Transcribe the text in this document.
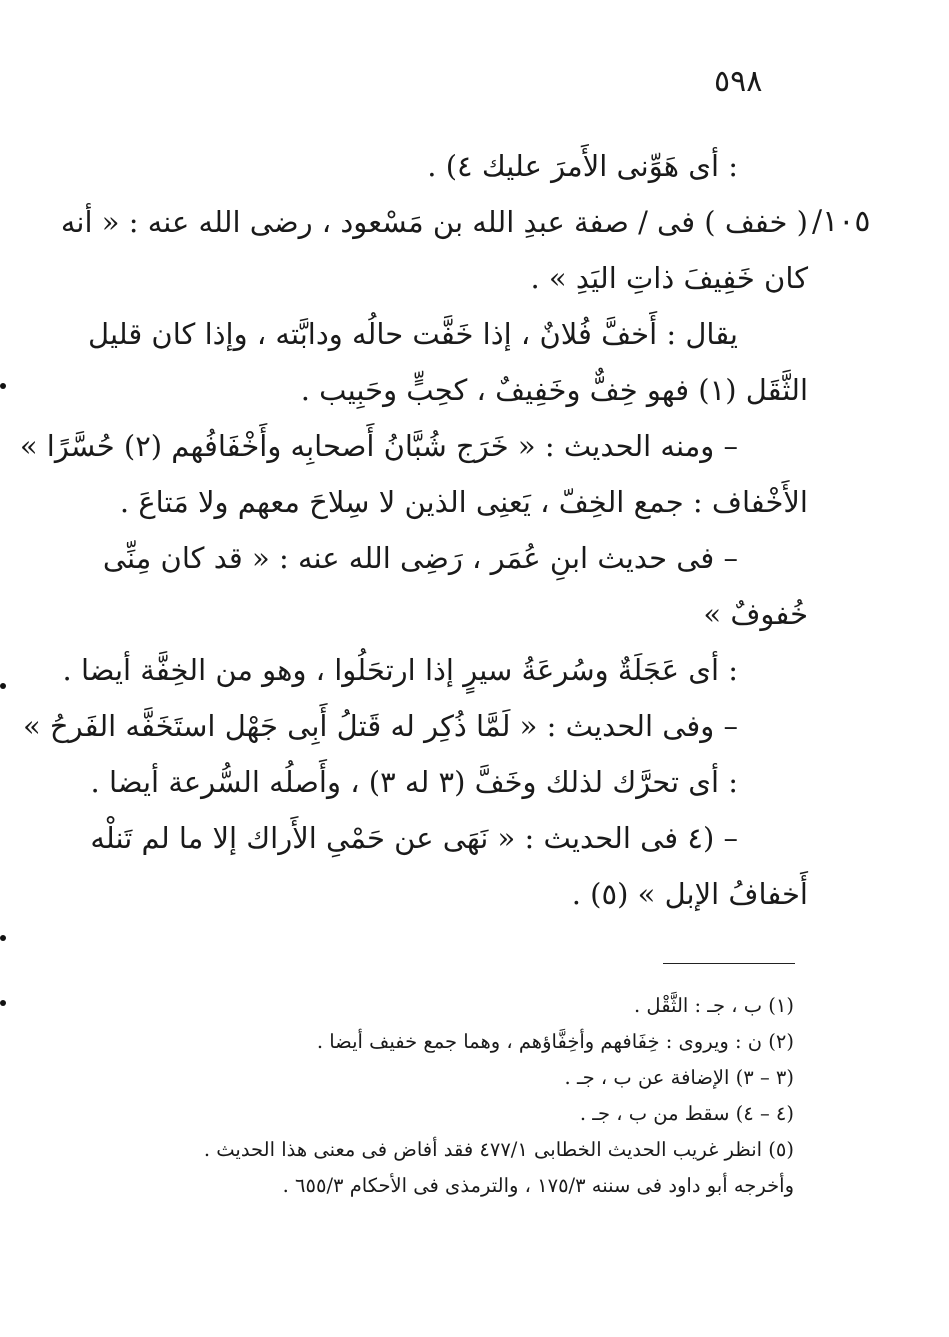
٥٩٨
١٠٥/
: أى هَوِّنى الأَمرَ عليك ٤) .
( خفف ) فى / صفة عبدِ الله بن مَسْعود ، رضى الله عنه : « أنه
كان خَفِيفَ ذاتِ اليَدِ » .
يقال : أَخفَّ فُلانٌ ، إذا خَفَّت حالُه ودابَّته ، وإذا كان قليل
الثَّقَل (١) فهو خِفٌّ وخَفِيفٌ ، كحِبٍّ وحَبِيب .
– ومنه الحديث : « خَرَج شُبَّانُ أَصحابِه وأَخْفَافُهم (٢) حُسَّرًا »
الأَخْفاف : جمع الخِفّ ، يَعنِى الذين لا سِلاحَ معهم ولا مَتاعَ .
– فى حديث ابنِ عُمَر ، رَضِى الله عنه : « قد كان مِنِّى
خُفوفٌ »
: أى عَجَلَةٌ وسُرعَةُ سيرٍ إذا ارتحَلُوا ، وهو من الخِفَّة أيضا .
– وفى الحديث : « لَمَّا ذُكِر له قَتلُ أَبِى جَهْل استَخَفَّه الفَرحُ »
: أى تحرَّك لذلك وخَفَّ (٣ له ٣) ، وأَصلُه السُّرعة أيضا .
– (٤ فى الحديث : « نَهَى عن حَمْىِ الأَراك إلا ما لم تَنلْه
أَخفافُ الإبل » (٥) .
(١) ب ، جـ : الثَّقْل .
(٢) ن : ويروى : خِفَافهم وأخِفَّاؤهم ، وهما جمع خفيف أيضا .
(٣ – ٣) الإضافة عن ب ، جـ .
(٤ – ٤) سقط من ب ، جـ .
(٥) انظر غريب الحديث الخطابى ٤٧٧/١ فقد أفاض فى معنى هذا الحديث .
وأخرجه أبو داود فى سننه ١٧٥/٣ ، والترمذى فى الأحكام ٦٥٥/٣ .
